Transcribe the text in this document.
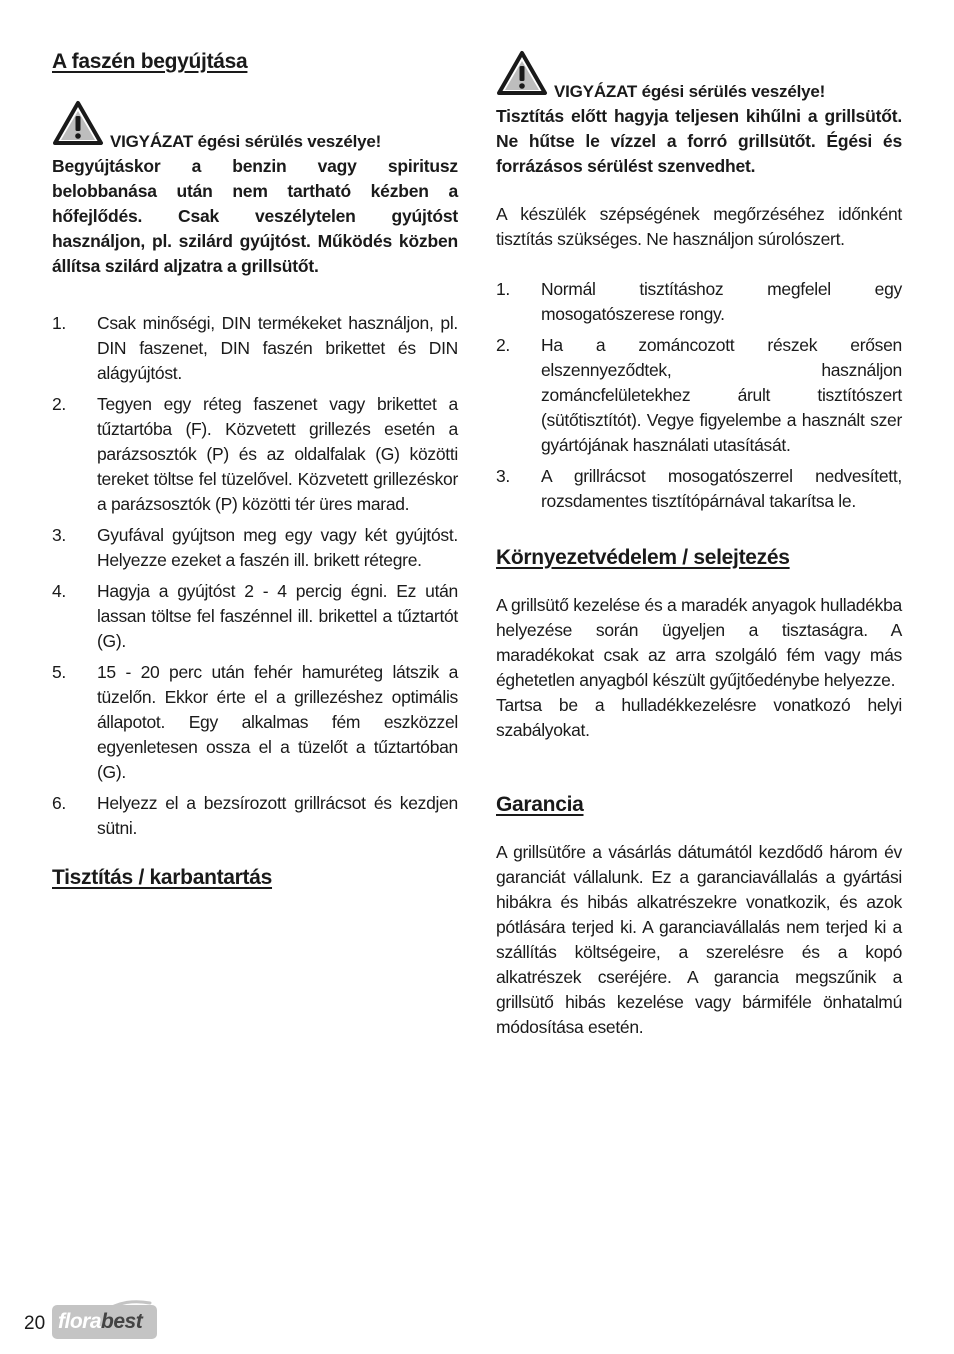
A faszén begyújtása
VIGYÁZAT égési sérülés veszélye!

Begyújtáskor a benzin vagy spiritusz belobbanása után nem tartható kézben a hőfejlődés. Csak veszélytelen gyújtóst használjon, pl. szilárd gyújtóst. Működés közben állítsa szilárd aljzatra a grillsütőt.

1. Csak minőségi, DIN termékeket használjon, pl. DIN faszenet, DIN faszén brikettet és DIN alágyújtóst.
2. Tegyen egy réteg faszenet vagy brikettet a tűztartóba (F). Közvetett grillezés esetén a parázsosztók (P) és az oldalfalak (G) közötti tereket töltse fel tüzelővel. Közvetett grillezéskor a parázsosztók (P) közötti tér üres marad.
3. Gyufával gyújtson meg egy vagy két gyújtóst. Helyezze ezeket a faszén ill. brikett rétegre.
4. Hagyja a gyújtóst 2 - 4 percig égni. Ez után lassan töltse fel faszénnel ill. brikettel a tűztartót (G).
5. 15 - 20 perc után fehér hamuréteg látszik a tüzelőn. Ekkor érte el a grillezéshez optimális állapotot. Egy alkalmas fém eszközzel egyenletesen ossza el a tüzelőt a tűztartóban (G).
6. Helyezz el a bezsírozott grillrácsot és kezdjen sütni.
Tisztítás / karbantartás
VIGYÁZAT égési sérülés veszélye!

Tisztítás előtt hagyja teljesen kihűlni a grillsütőt. Ne hűtse le vízzel a forró grillsütőt. Égési és forrázásos sérülést szenvedhet.

A készülék szépségének megőrzéséhez időnként tisztítás szükséges. Ne használjon súrolószert.

1. Normál tisztításhoz megfelel egy mosogatószerese rongy.
2. Ha a zománcozott részek erősen elszennyeződtek, használjon zománcfelületekhez árult tisztítószert (sütőtisztítót). Vegye figyelembe a használt szer gyártójának használati utasítását.
3. A grillrácsot mosogatószerrel nedvesített, rozsdamentes tisztítópárnával takarítsa le.
Környezetvédelem / selejtezés

A grillsütő kezelése és a maradék anyagok hulladékba helyezése során ügyeljen a tisztaságra. A maradékokat csak az arra szolgáló fém vagy más éghetetlen anyagból készült gyűjtőedénybe helyezze.

Tartsa be a hulladékkezelésre vonatkozó helyi szabályokat.

Garancia

A grillsütőre a vásárlás dátumától kezdődő három év garanciát vállalunk. Ez a garanciavállalás a gyártási hibákra és hibás alkatrészekre vonatkozik, és azok pótlására terjed ki. A garanciavállalás nem terjed ki a szállítás költségeire, a szerelésre és a kopó alkatrészek cseréjére. A garancia megszűnik a grillsütő hibás kezelése vagy bármiféle önhatalmú módosítása esetén.

20 florabest
